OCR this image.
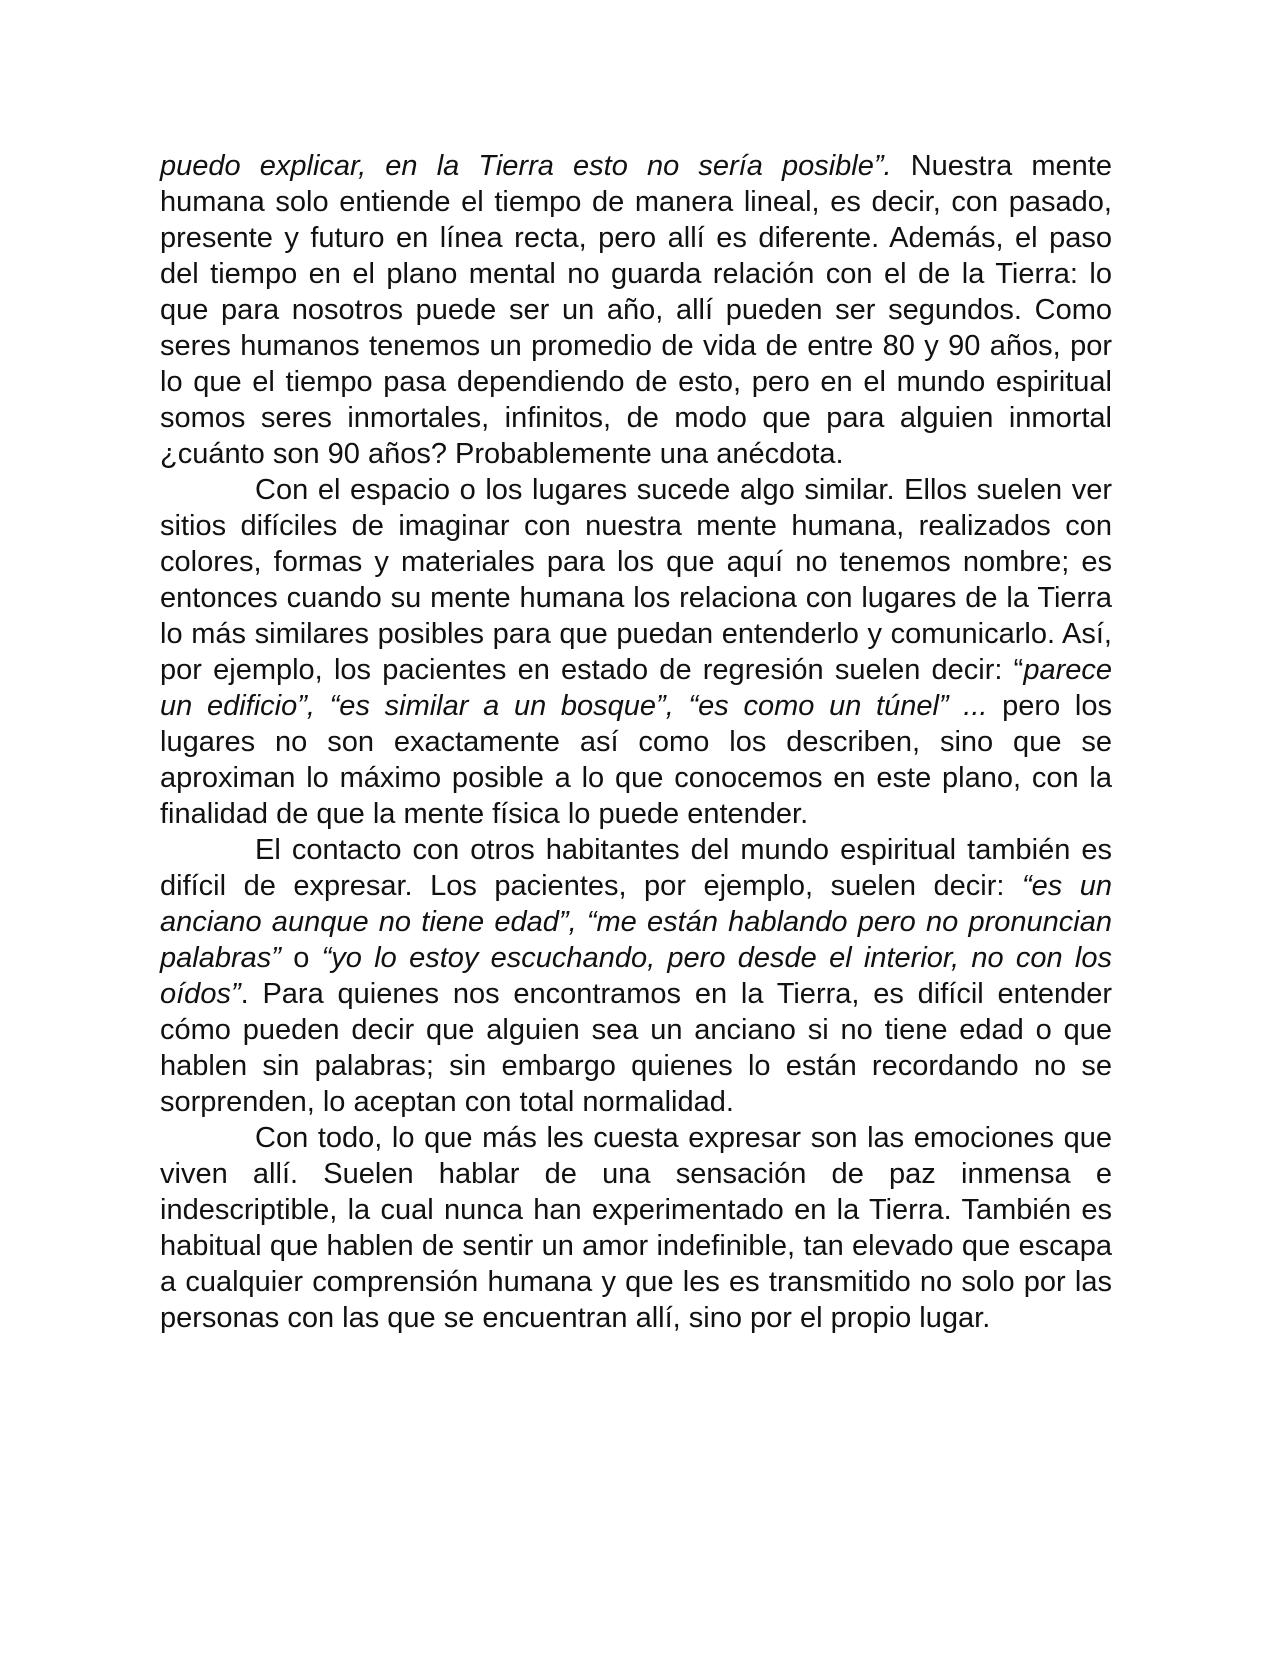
puedo explicar, en la Tierra esto no sería posible”. Nuestra mente humana solo entiende el tiempo de manera lineal, es decir, con pasado, presente y futuro en línea recta, pero allí es diferente. Además, el paso del tiempo en el plano mental no guarda relación con el de la Tierra: lo que para nosotros puede ser un año, allí pueden ser segundos. Como seres humanos tenemos un promedio de vida de entre 80 y 90 años, por lo que el tiempo pasa dependiendo de esto, pero en el mundo espiritual somos seres inmortales, infinitos, de modo que para alguien inmortal ¿cuánto son 90 años? Probablemente una anécdota.

Con el espacio o los lugares sucede algo similar. Ellos suelen ver sitios difíciles de imaginar con nuestra mente humana, realizados con colores, formas y materiales para los que aquí no tenemos nombre; es entonces cuando su mente humana los relaciona con lugares de la Tierra lo más similares posibles para que puedan entenderlo y comunicarlo. Así, por ejemplo, los pacientes en estado de regresión suelen decir: “parece un edificio”, “es similar a un bosque”, “es como un túnel” ... pero los lugares no son exactamente así como los describen, sino que se aproximan lo máximo posible a lo que conocemos en este plano, con la finalidad de que la mente física lo puede entender.

El contacto con otros habitantes del mundo espiritual también es difícil de expresar. Los pacientes, por ejemplo, suelen decir: “es un anciano aunque no tiene edad”, “me están hablando pero no pronuncian palabras” o “yo lo estoy escuchando, pero desde el interior, no con los oídos”. Para quienes nos encontramos en la Tierra, es difícil entender cómo pueden decir que alguien sea un anciano si no tiene edad o que hablen sin palabras; sin embargo quienes lo están recordando no se sorprenden, lo aceptan con total normalidad.

Con todo, lo que más les cuesta expresar son las emociones que viven allí. Suelen hablar de una sensación de paz inmensa e indescriptible, la cual nunca han experimentado en la Tierra. También es habitual que hablen de sentir un amor indefinible, tan elevado que escapa a cualquier comprensión humana y que les es transmitido no solo por las personas con las que se encuentran allí, sino por el propio lugar.
